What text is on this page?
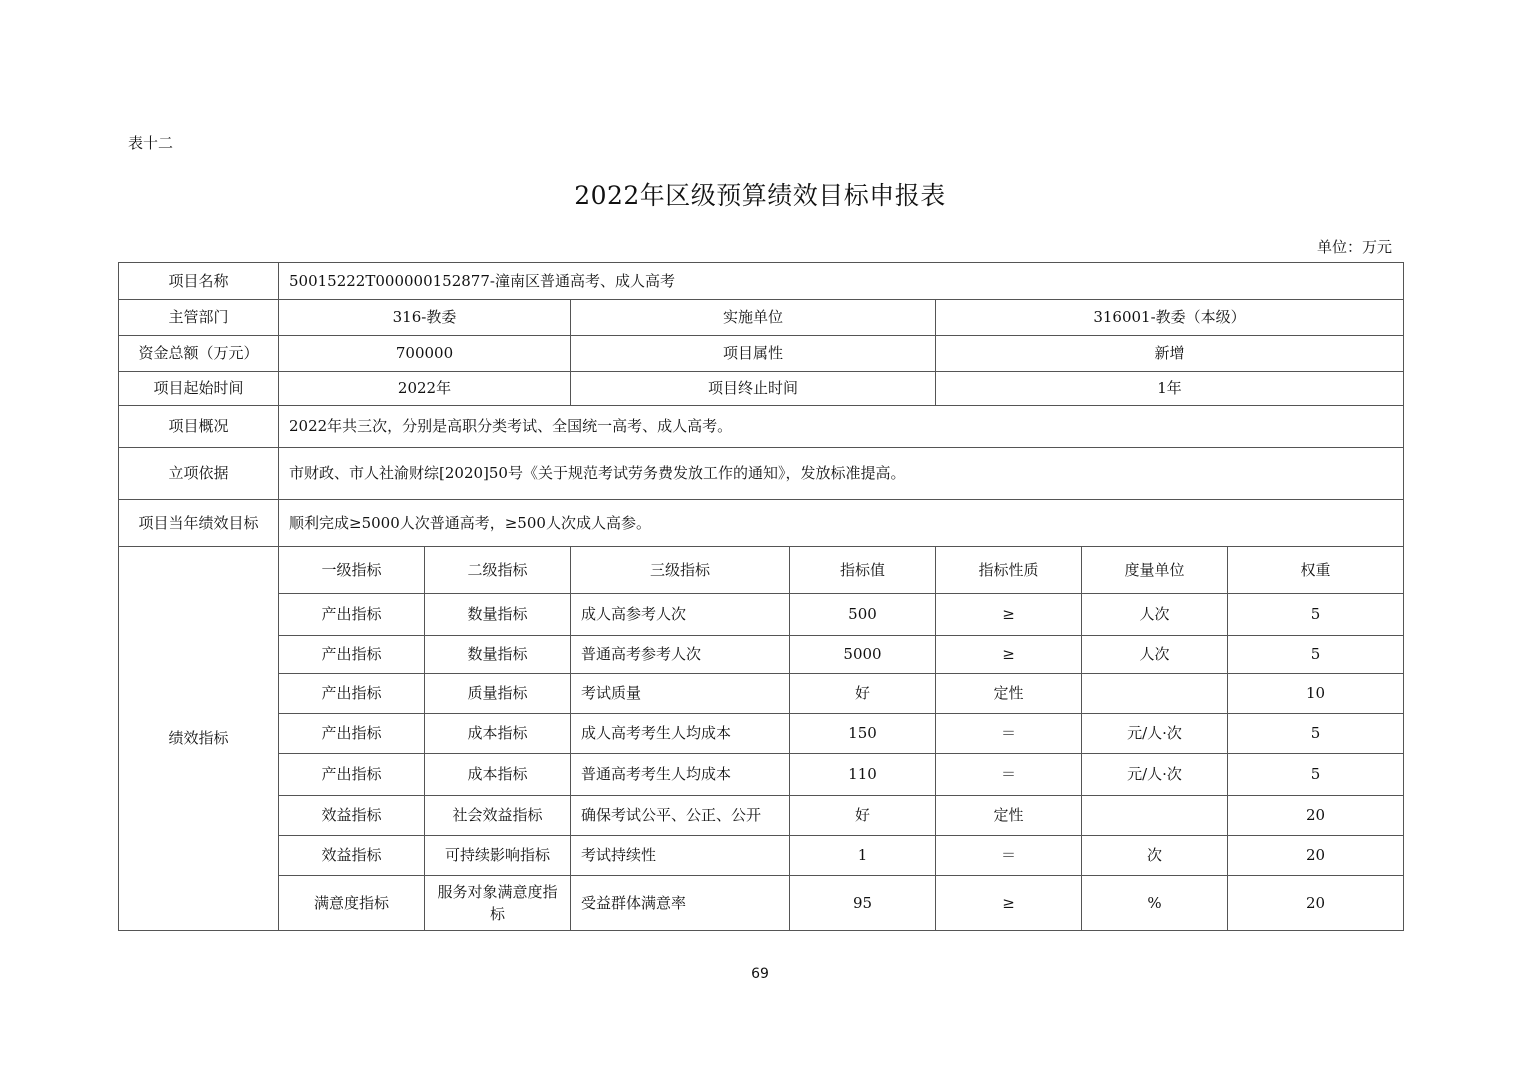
表十二
2022年区级预算绩效目标申报表
单位：万元
项目名称	50015222T000000152877-潼南区普通高考、成人高考						
主管部门	316-教委		实施单位		316001-教委（本级）		
资金总额（万元）	700000		项目属性		新增		
项目起始时间	2022年		项目终止时间		1年		
项目概况	2022年共三次，分别是高职分类考试、全国统一高考、成人高考。						
立项依据	市财政、市人社渝财综[2020]50号《关于规范考试劳务费发放工作的通知》，发放标准提高。						
项目当年绩效目标	顺利完成≥5000人次普通高考，≥500人次成人高参。						
绩效指标	一级指标	二级指标	三级指标	指标值	指标性质	度量单位	权重
	产出指标	数量指标	成人高参考人次	500	≥	人次	5
	产出指标	数量指标	普通高考参考人次	5000	≥	人次	5
	产出指标	质量指标	考试质量	好	定性		10
	产出指标	成本指标	成人高考考生人均成本	150	＝	元/人·次	5
	产出指标	成本指标	普通高考考生人均成本	110	＝	元/人·次	5
	效益指标	社会效益指标	确保考试公平、公正、公开	好	定性		20
	效益指标	可持续影响指标	考试持续性	1	＝	次	20
	满意度指标	服务对象满意度指标	受益群体满意率	95	≥	%	20
69
